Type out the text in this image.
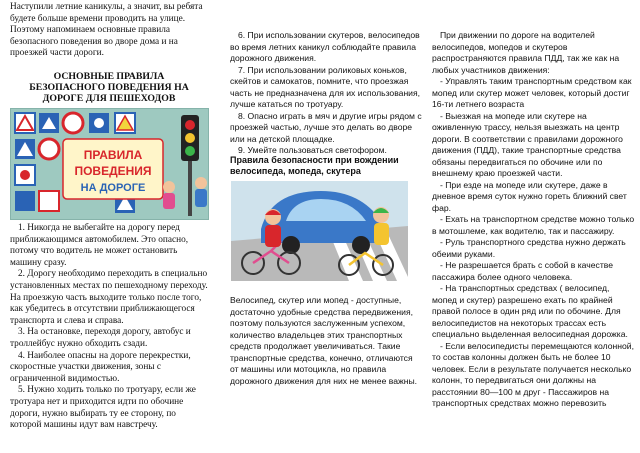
Наступили летние каникулы, а значит, вы ребята будете больше времени проводить на улице. Поэтому напоминаем основные правила безопасного поведения во дворе дома и на проезжей части дороги.

ОСНОВНЫЕ ПРАВИЛА БЕЗОПАСНОГО ПОВЕДЕНИЯ НА ДОРОГЕ ДЛЯ ПЕШЕХОДОВ

ПРАВИЛА
ПОВЕДЕНИЯ
НА ДОРОГЕ

1. Никогда не выбегайте на дорогу перед приближающимся автомобилем. Это опасно, потому что водитель не может остановить машину сразу.

2. Дорогу необходимо переходить в специально установленных местах по пешеходному переходу. На проезжую часть выходите только после того, как убедитесь в отсутствии приближающегося транспорта и слева и справа.

3. На остановке, переходя дорогу, автобус и троллейбус нужно обходить сзади.

4. Наиболее опасны на дороге перекрестки, скоростные участки движения, зоны с ограниченной видимостью.

5. Нужно ходить только по тротуару, если же тротуара нет и приходится идти по обочине дороги, нужно выбирать ту ее сторону, по которой машины идут вам навстречу.

6. При использовании скутеров, велосипедов во время летних каникул соблюдайте правила дорожного движения.

7. При использовании роликовых коньков, скейтов и самокатов, помните, что проезжая часть не предназначена для их использования, лучше кататься по тротуару.

8. Опасно играть в мяч и другие игры рядом с проезжей частью, лучше это делать во дворе или на детской площадке.

9. Умейте пользоваться светофором.

Правила безопасности при вождении велосипеда, мопеда, скутера

Велосипед, скутер или мопед - доступные, достаточно удобные средства передвижения, поэтому пользуются заслуженным успехом, количество владельцев этих транспортных средств продолжает увеличиваться. Такие транспортные средства, конечно, отличаются от машины или мотоцикла, но правила дорожного движения для них не менее важны.

При движении по дороге на водителей велосипедов, мопедов и скутеров распространяются правила ПДД, так же как на любых участников движения:

- Управлять таким транспортным средством как мопед или скутер может человек, который достиг 16-ти летнего возраста

- Выезжая на мопеде или скутере на оживленную трассу, нельзя выезжать на центр дороги. В соответствии с правилами дорожного движения (ПДД), такие транспортные средства обязаны передвигаться по обочине или по внешнему краю проезжей части.

- При езде на мопеде или скутере, даже в дневное время суток нужно гореть ближний свет фар.

- Ехать на транспортном средстве можно только в мотошлеме, как водителю, так и пассажиру.

- Руль транспортного средства нужно держать обеими руками.

- Не разрешается брать с собой в качестве пассажира более одного человека.

- На транспортных средствах ( велосипед, мопед и скутер) разрешено ехать по крайней правой полосе в один ряд или по обочине. Для велосипедистов на некоторых трассах есть специально выделенная велосипедная дорожка.

- Если велосипедисты перемещаются колонной, то состав колонны должен быть не более 10 человек. Если в результате получается несколько колонн, то передвигаться они должны на расстоянии 80—100 м друг - Пассажиров на транспортных средствах можно перевозить
